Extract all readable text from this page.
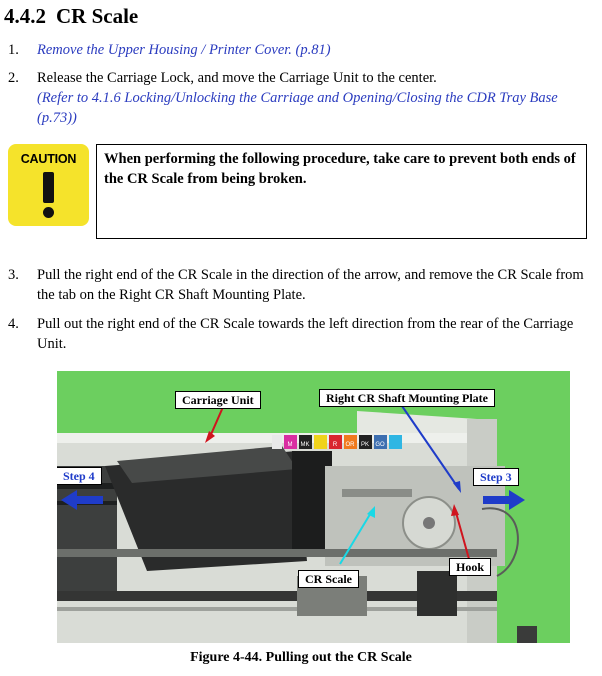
4.4.2 CR Scale
1. Remove the Upper Housing / Printer Cover. (p.81)
2. Release the Carriage Lock, and move the Carriage Unit to the center.
(Refer to 4.1.6 Locking/Unlocking the Carriage and Opening/Closing the CDR Tray Base (p.73))
CAUTION	When performing the following procedure, take care to prevent both ends of the CR Scale from being broken.
3. Pull the right end of the CR Scale in the direction of the arrow, and remove the CR Scale from the tab on the Right CR Shaft Mounting Plate.
4. Pull out the right end of the CR Scale towards the left direction from the rear of the Carriage Unit.
M MK	R OR PK GO
Carriage Unit	Right CR Shaft Mounting Plate
Step 4	Step 3
CR Scale
Hook
Figure 4-44. Pulling out the CR Scale
